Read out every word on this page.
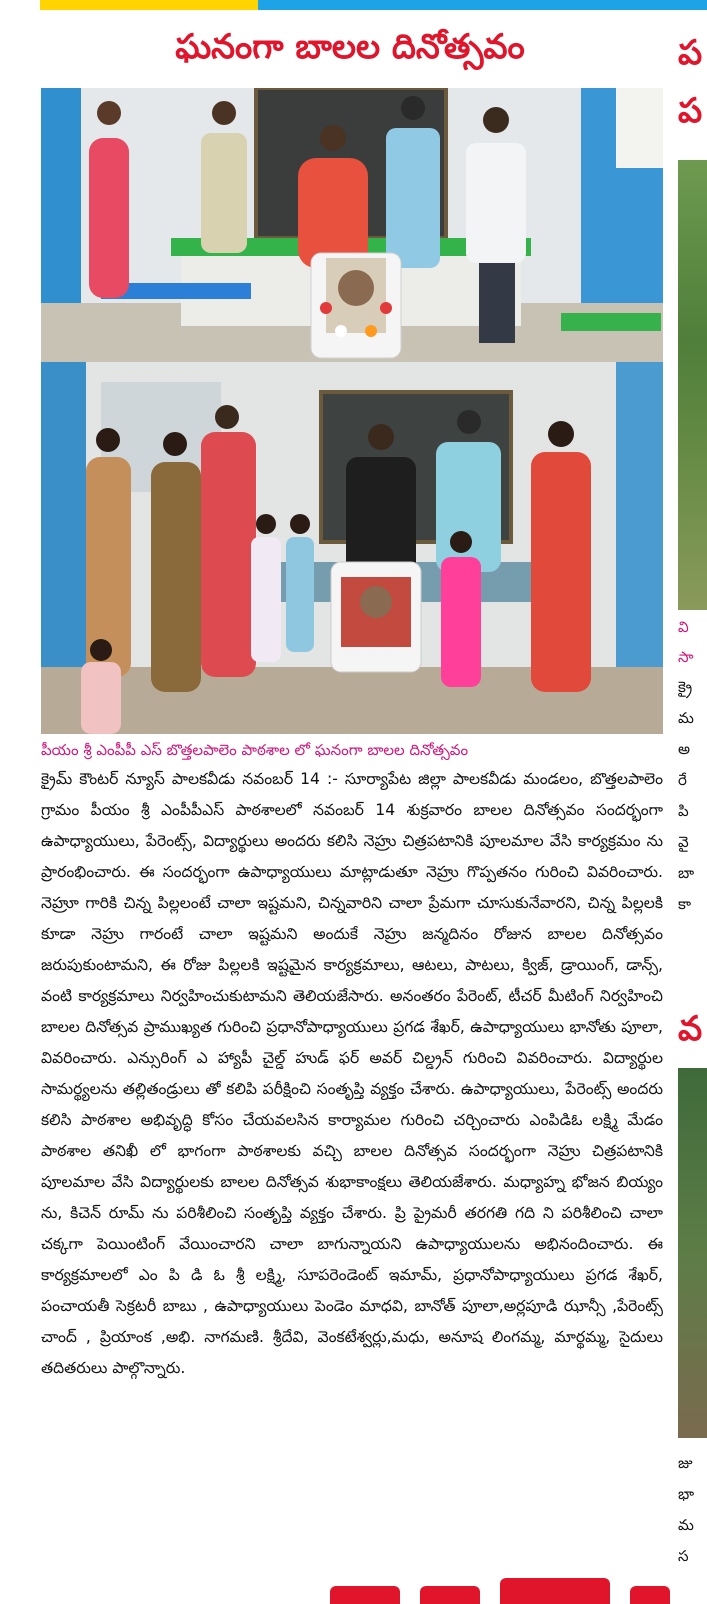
ఘనంగా బాలల దినోత్సవం
పీయం శ్రీ ఎంపీపీ ఎస్ బొత్తలపాలెం పాఠశాల లో ఘనంగా బాలల దినోత్సవం

క్రైమ్ కౌంటర్ న్యూస్ పాలకవీడు నవంబర్ 14 :- సూర్యాపేట జిల్లా పాలకవీడు మండలం, బొత్తలపాలెం గ్రామం పీయం శ్రీ ఎంపీపీఎస్ పాఠశాలలో నవంబర్ 14 శుక్రవారం బాలల దినోత్సవం సందర్భంగా ఉపాధ్యాయులు, పేరెంట్స్, విద్యార్థులు అందరు కలిసి నెహ్రు చిత్రపటానికి పూలమాల వేసి కార్యక్రమం ను ప్రారంభించారు. ఈ సందర్భంగా ఉపాధ్యాయులు మాట్లాడుతూ నెహ్రు గొప్పతనం గురించి వివరించారు. నెహ్రూ గారికి చిన్న పిల్లలంటే చాలా ఇష్టమని, చిన్నవారిని చాలా ప్రేమగా చూసుకునేవారని, చిన్న పిల్లలకి కూడా నెహ్రు గారంటే చాలా ఇష్టమని అందుకే నెహ్రు జన్మదినం రోజున బాలల దినోత్సవం జరుపుకుంటామని, ఈ రోజు పిల్లలకి ఇష్టమైన కార్యక్రమాలు, ఆటలు, పాటలు, క్విజ్, డ్రాయింగ్, డాన్స్, వంటి కార్యక్రమాలు నిర్వహించుకుటామని తెలియజేసారు. అనంతరం పేరెంట్, టీచర్ మీటింగ్ నిర్వహించి బాలల దినోత్సవ ప్రాముఖ్యత గురించి ప్రధానోపాధ్యాయులు ప్రగడ శేఖర్, ఉపాధ్యాయులు భానోతు పూలా, వివరించారు. ఎన్సురింగ్ ఎ హ్యాపీ చైల్డ్ హుడ్ ఫర్ అవర్ చిల్డ్రన్ గురించి వివరించారు. విద్యార్థుల సామర్థ్యలను తల్లితండ్రులు తో కలిపి పరీక్షించి సంతృప్తి వ్యక్తం చేశారు. ఉపాధ్యాయులు, పేరెంట్స్ అందరు కలిసి పాఠశాల అభివృద్ధి కోసం చేయవలసిన కార్యామల గురించి చర్చించారు ఎంపిడిఓ లక్ష్మి మేడం పాఠశాల తనిఖీ లో భాగంగా పాఠశాలకు వచ్చి బాలల దినోత్సవ సందర్భంగా నెహ్రు చిత్రపటానికి పూలమాల వేసి విద్యార్థులకు బాలల దినోత్సవ శుభాకాంక్షలు తెలియజేశారు. మధ్యాహ్న భోజన బియ్యం ను, కిచెన్ రూమ్ ను పరిశీలించి సంతృప్తి వ్యక్తం చేశారు. ప్రి ప్రైమరీ తరగతి గది ని పరిశీలించి చాలా చక్కగా పెయింటింగ్ వేయించారని చాలా బాగున్నాయని ఉపాధ్యాయులను అభినందించారు. ఈ కార్యక్రమాలలో ఎం పి డి ఓ శ్రీ లక్ష్మి, సూపరెండెంట్ ఇమామ్, ప్రధానోపాధ్యాయులు ప్రగడ శేఖర్, పంచాయతీ సెక్రటరీ బాబు , ఉపాధ్యాయులు పెండెం మాధవి, బానోత్ పూలా,అర్లపూడి ఝాన్సీ ,పేరెంట్స్ చాంద్ , ప్రియాంక ,అభి. నాగమణి. శ్రీదేవి, వెంకటేశ్వర్లు,మధు, అనూష లింగమ్మ, మార్థమ్మ, సైదులు తదితరులు పాల్గొన్నారు.

ప
ప

వి

సా

క్రై

మ

అ

రే

పి

వై

బా

కా

వ

జు

భా

మ

స
